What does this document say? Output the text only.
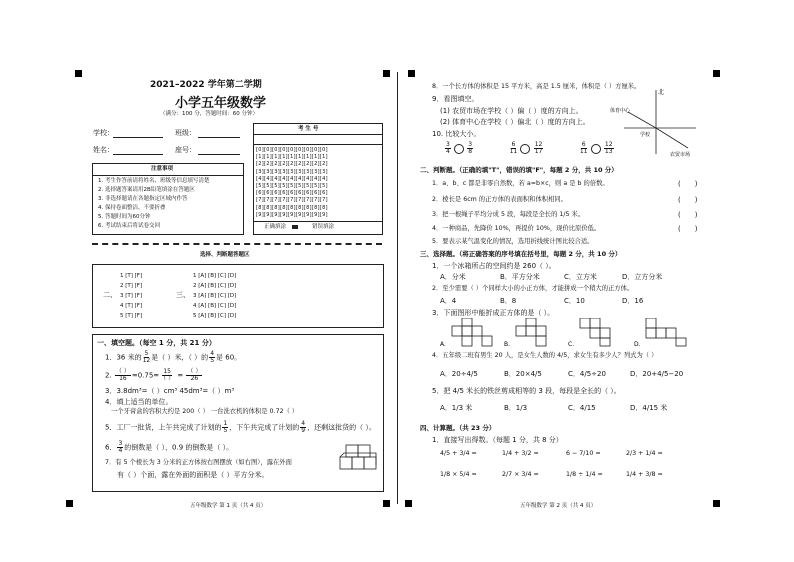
2021–2022 学年第二学期
小学五年级数学
（满分：100 分，答题时间：60 分钟）
学校：	班级：
姓名：	座号：
注意事项
1. 考生作答前请将姓名、班级等信息填写清楚
2. 选择题答案请用2B铅笔填涂在答题区
3. 非选择题请在各题指定区域内作答
4. 保持卷面整洁，不要折叠
5. 答题时间为60分钟
6. 考试结束后将试卷交回
考 生 号
[0][0][0][0][0][0][0][0][0]
[1][1][1][1][1][1][1][1][1]
[2][2][2][2][2][2][2][2][2]
[3][3][3][3][3][3][3][3][3]
[4][4][4][4][4][4][4][4][4]
[5][5][5][5][5][5][5][5][5]
[6][6][6][6][6][6][6][6][6]
[7][7][7][7][7][7][7][7][7]
[8][8][8][8][8][8][8][8][8]
[9][9][9][9][9][9][9][9][9]
正确填涂	错误填涂
选择、判断题答题区
二、
1 [T] [F]
2 [T] [F]
3 [T] [F]
4 [T] [F]
5 [T] [F]
三、
1 [A] [B] [C] [D]
2 [A] [B] [C] [D]
3 [A] [B] [C] [D]
4 [A] [B] [C] [D]
5 [A] [B] [C] [D]
一、填空题。（每空 1 分，共 21 分）
1．36 米的 $\frac{5}{12}$ 是（ ）米，（ ）的 $\frac{4}{5}$ 是 60。
2. $\frac{( )}{16} =0.75= \frac{15}{( )} = \frac{( )}{26}$
3．3.8dm³=（ ）cm³ 45dm³=（ ）m³
4．填上适当的单位。
一个牙膏盒的容积大约是 200（ ） 一台洗衣机的体积是 0.72（ ）
5．工厂一批货，上午共完成了计划的 $\frac{1}{5}$ ，下午共完成了计划的 $\frac{4}{9}$ ，还剩这批货的（ ）。
6． $\frac{3}{4}$ 的倒数是（ ），0.9 的倒数是（ ）。
7．有 5 个棱长为 3 分米的正方体按右图摆放（如右图），露在外面
有（ ）个面，露在外面的面积是（ ）平方分米。
五年级数学 第 1 页（共 4 页）
8．一个长方体的体积是 15 平方米，高是 1.5 厘米，体积是（ ）方厘米。
9．看图填空。
(1) 农贸市场在学校（ ）偏（ ）度的方向上。
(2) 体育中心在学校（ ）偏北（ ）度的方向上。
10. 比较大小。
北
体育中心
学校
农贸市场
$\frac{3}{4}$
	$\frac{3}{8}$
	$\frac{6}{11}$
	$\frac{12}{17}$
	$\frac{6}{11}$
	$\frac{12}{13}$
二、判断题。（正确的填"T"，错误的填"F"，每题 2 分，共 10 分）
1．a、b、c 都是非零自然数，若 a=b×c，则 a 是 b 的倍数。
2．棱长是 6cm 的正方体的表面积和体积相同。
3．把一根绳子平均分成 5 段，每段是全长的 1/5 米。
4．一种商品，先降价 10%，再提价 10%，现价比原价低。
5．要表示某气温变化的情况，选用折线统计图比较合适。
(　　)
(　　)
(　　)
(　　)
三、选择题。（将正确答案的序号填在括号里，每题 2 分，共 10 分）
1．一个冰箱所占的空间约是 260（ ）。
A．分米	B．平方分米	C．立方米	D．立方分米
2．至少需要（ ）个同样大小的小正方体，才能拼成一个稍大的正方体。
A．4	B．8	C．10	D．16
3．下面图形中能折成正方体的是（ ）。
A.	B.	C.	D.
4．五年级二班有男生 20 人，是女生人数的 4/5，求女生有多少人？列式为（ ）
A．20÷4/5	B．20×4/5	C．4/5÷20	D．20+4/5−20
5．把 4/5 米长的铁丝剪成相等的 3 段，每段是全长的（ ）。
A．1/3 米	B．1/3	C．4/15	D．4/15 米
四、计算题。（共 23 分）
1．直接写出得数。（每题 1 分，共 8 分）
4/5 + 3/4 =	1/4 + 3/2 =	6 − 7/10 =	2/3 + 1/4 =
1/8 × 5/4 =	2/7 × 3/4 =	1/8 ÷ 1/4 =	1/4 + 3/8 =
五年级数学 第 2 页（共 4 页）
